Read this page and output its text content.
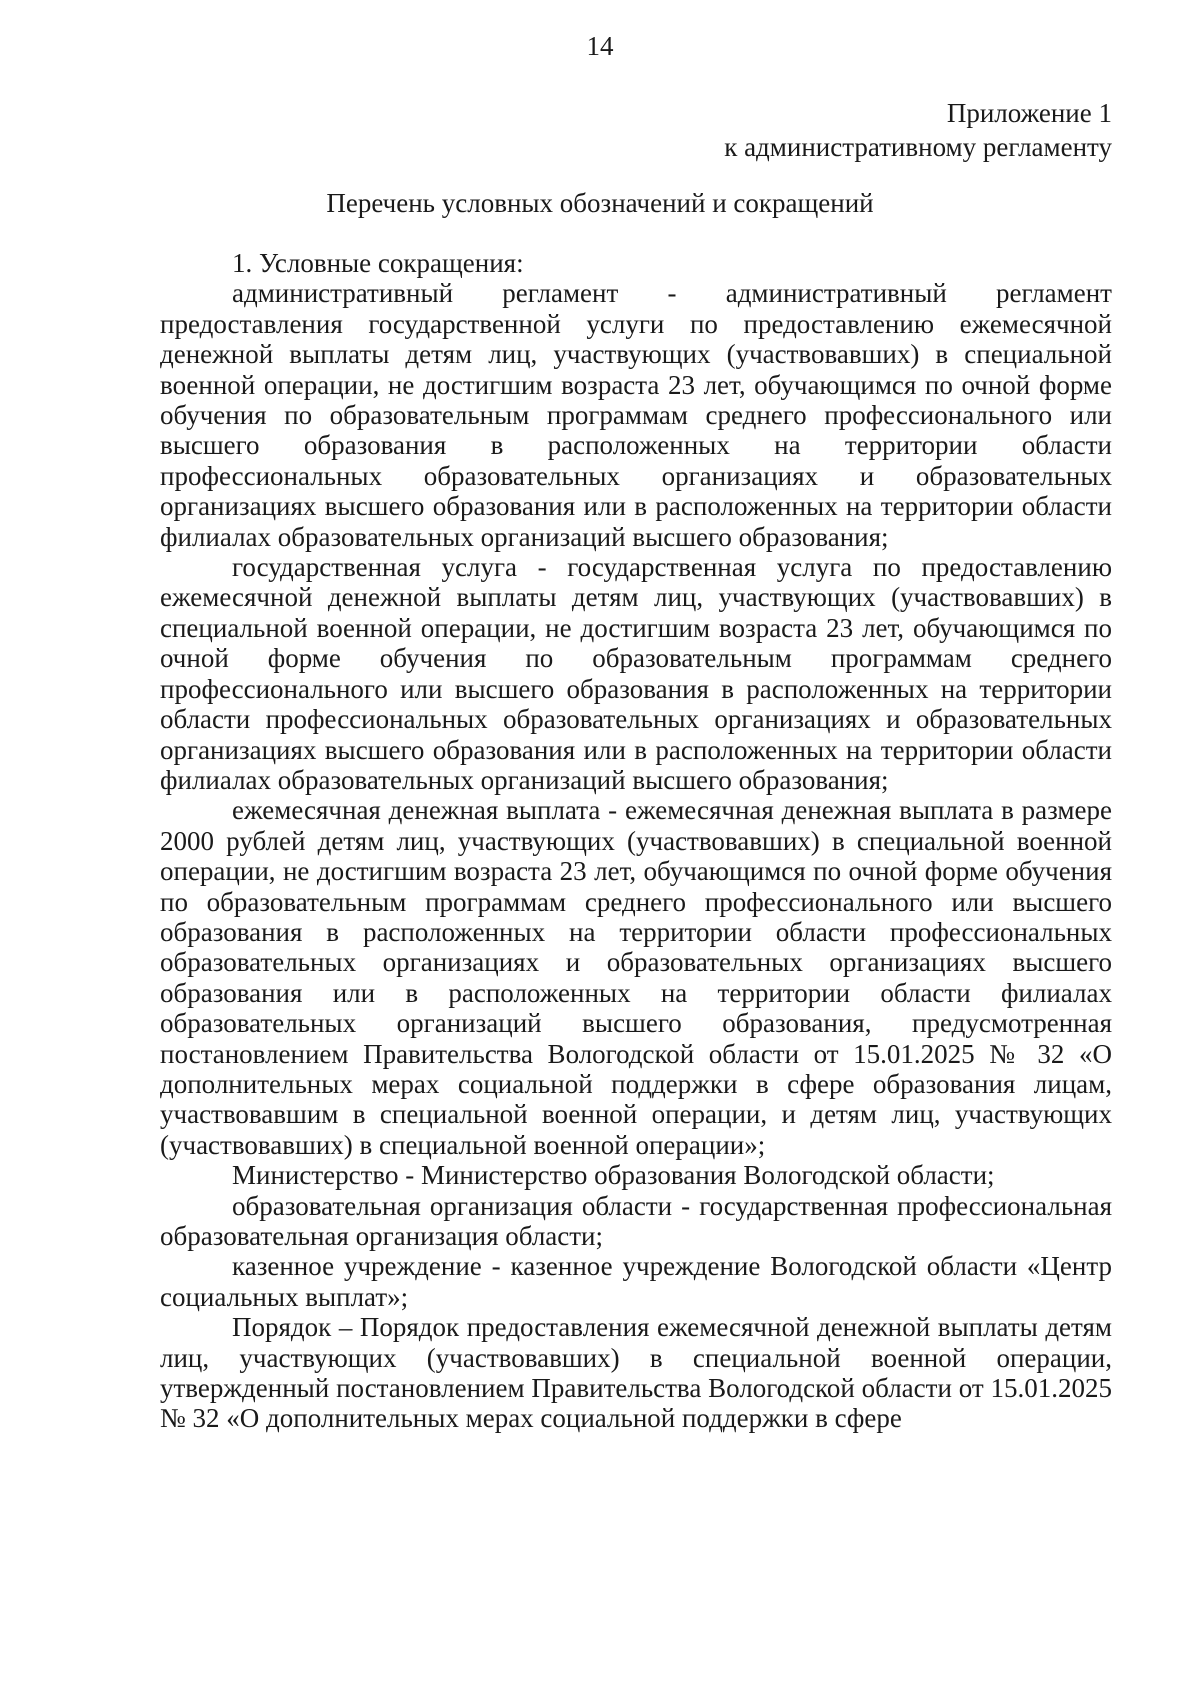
14
Приложение 1
к административному регламенту
Перечень условных обозначений и сокращений

1. Условные сокращения:

административный регламент - административный регламент предоставления государственной услуги по предоставлению ежемесячной денежной выплаты детям лиц, участвующих (участвовавших) в специальной военной операции, не достигшим возраста 23 лет, обучающимся по очной форме обучения по образовательным программам среднего профессионального или высшего образования в расположенных на территории области профессиональных образовательных организациях и образовательных организациях высшего образования или в расположенных на территории области филиалах образовательных организаций высшего образования;

государственная услуга - государственная услуга по предоставлению ежемесячной денежной выплаты детям лиц, участвующих (участвовавших) в специальной военной операции, не достигшим возраста 23 лет, обучающимся по очной форме обучения по образовательным программам среднего профессионального или высшего образования в расположенных на территории области профессиональных образовательных организациях и образовательных организациях высшего образования или в расположенных на территории области филиалах образовательных организаций высшего образования;

ежемесячная денежная выплата - ежемесячная денежная выплата в размере 2000 рублей детям лиц, участвующих (участвовавших) в специальной военной операции, не достигшим возраста 23 лет, обучающимся по очной форме обучения по образовательным программам среднего профессионального или высшего образования в расположенных на территории области профессиональных образовательных организациях и образовательных организациях высшего образования или в расположенных на территории области филиалах образовательных организаций высшего образования, предусмотренная постановлением Правительства Вологодской области от 15.01.2025 № 32 «О дополнительных мерах социальной поддержки в сфере образования лицам, участвовавшим в специальной военной операции, и детям лиц, участвующих (участвовавших) в специальной военной операции»;

Министерство - Министерство образования Вологодской области;

образовательная организация области - государственная профессиональная образовательная организация области;

казенное учреждение - казенное учреждение Вологодской области «Центр социальных выплат»;

Порядок – Порядок предоставления ежемесячной денежной выплаты детям лиц, участвующих (участвовавших) в специальной военной операции, утвержденный постановлением Правительства Вологодской области от 15.01.2025 № 32 «О дополнительных мерах социальной поддержки в сфере
